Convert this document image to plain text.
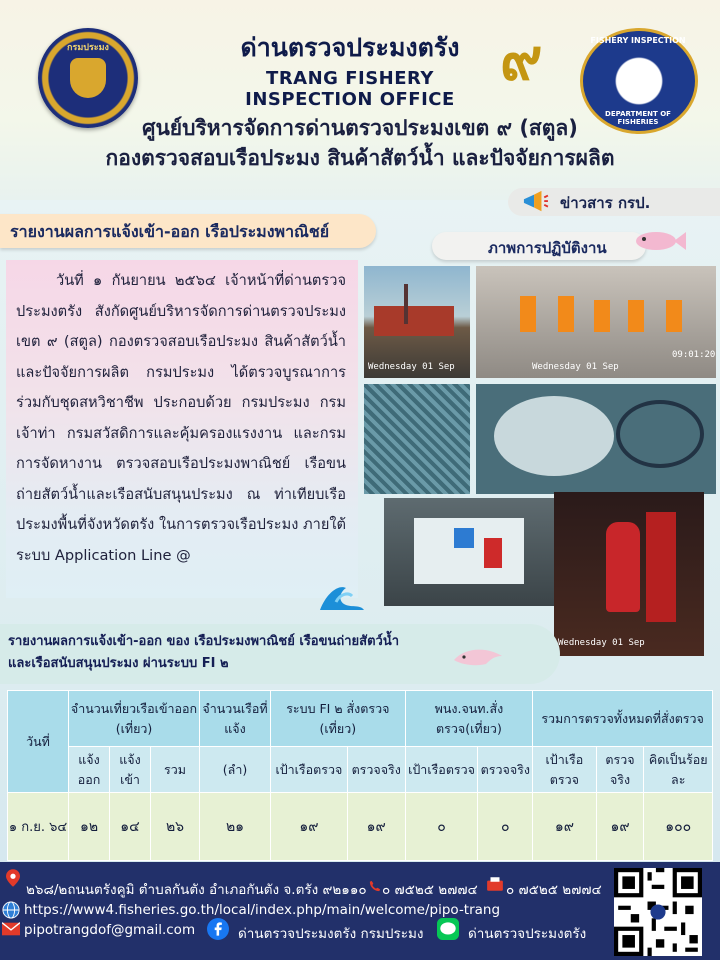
กรมประมง	ด่านตรวจประมงตรัง
TRANG FISHERY INSPECTION OFFICE
๙	FISHERY INSPECTION
DEPARTMENT OF FISHERIES
ศูนย์บริหารจัดการด่านตรวจประมงเขต ๙ (สตูล)
กองตรวจสอบเรือประมง สินค้าสัตว์น้ำ และปัจจัยการผลิต
ข่าวสาร กรป.
รายงานผลการแจ้งเข้า-ออก เรือประมงพาณิชย์
ภาพการปฏิบัติงาน
วันที่ ๑ กันยายน ๒๕๖๔ เจ้าหน้าที่ด่านตรวจประมงตรัง สังกัดศูนย์บริหารจัดการด่านตรวจประมง เขต ๙ (สตูล) กองตรวจสอบเรือประมง สินค้าสัตว์น้ำ และปัจจัยการผลิต กรมประมง ได้ตรวจบูรณาการร่วมกับชุดสหวิชาชีพ ประกอบด้วย กรมประมง กรมเจ้าท่า กรมสวัสดิการและคุ้มครองแรงงาน และกรมการจัดหางาน ตรวจสอบเรือประมงพาณิชย์ เรือขนถ่ายสัตว์น้ำและเรือสนับสนุนประมง ณ ท่าเทียบเรือประมงพื้นที่จังหวัดตรัง ในการตรวจเรือประมง ภายใต้ระบบ Application Line @
Wednesday 01 Sep	Wednesday 01 Sep
09:01:20
Wednesday 01 Sep
รายงานผลการแจ้งเข้า-ออก ของ เรือประมงพาณิชย์ เรือขนถ่ายสัตว์น้ำ
และเรือสนับสนุนประมง ผ่านระบบ FI ๒
วันที่	จำนวนเที่ยวเรือเข้าออก (เที่ยว)			จำนวนเรือที่แจ้ง	ระบบ FI ๒ สั่งตรวจ (เที่ยว)		พนง.จนท.สั่งตรวจ(เที่ยว)		รวมการตรวจทั้งหมดที่สั่งตรวจ		
	แจ้งออก	แจ้งเข้า	รวม	(ลำ)	เป้าเรือตรวจ	ตรวจจริง	เป้าเรือตรวจ	ตรวจจริง	เป้าเรือตรวจ	ตรวจจริง	คิดเป็นร้อยละ
๑ ก.ย. ๖๔	๑๒	๑๔	๒๖	๒๑	๑๙	๑๙	๐	๐	๑๙	๑๙	๑๐๐
๒๖๘/๒ถนนตรังคูมิ ตำบลกันตัง อำเภอกันตัง จ.ตรัง ๙๒๑๑๐ ๐ ๗๕๒๕ ๒๗๗๔ ๐ ๗๕๒๕ ๒๗๗๔
https://www4.fisheries.go.th/local/index.php/main/welcome/pipo-trang
pipotrangdof@gmail.com	ด่านตรวจประมงตรัง กรมประมง	ด่านตรวจประมงตรัง
